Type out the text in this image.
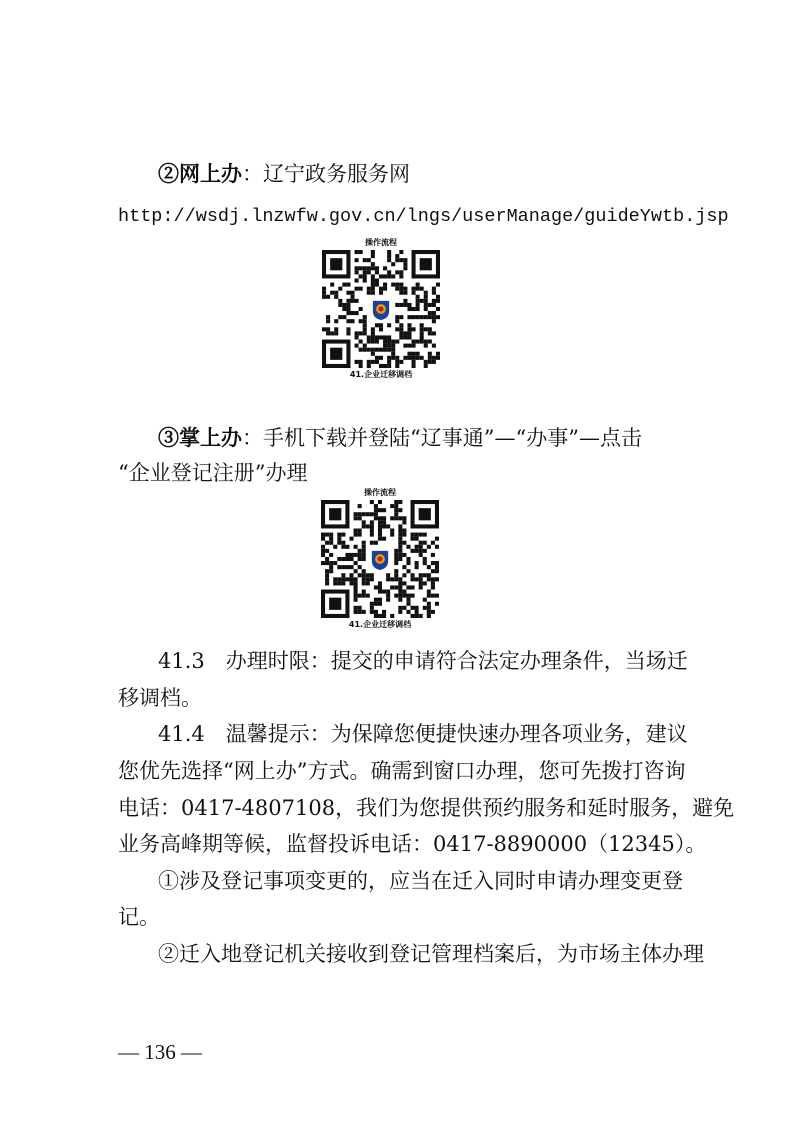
②网上办：辽宁政务服务网
http://wsdj.lnzwfw.gov.cn/lngs/userManage/guideYwtb.jsp
操作流程
41.企业迁移调档
③掌上办：手机下载并登陆“辽事通”—“办事”—点击
“企业登记注册”办理
操作流程
41.企业迁移调档
41.3　办理时限：提交的申请符合法定办理条件，当场迁
移调档。
41.4　温馨提示：为保障您便捷快速办理各项业务，建议
您优先选择“网上办”方式。确需到窗口办理，您可先拨打咨询
电话：0417-4807108，我们为您提供预约服务和延时服务，避免
业务高峰期等候，监督投诉电话：0417-8890000（12345）。
①涉及登记事项变更的，应当在迁入同时申请办理变更登
记。
②迁入地登记机关接收到登记管理档案后，为市场主体办理
— 136 —
